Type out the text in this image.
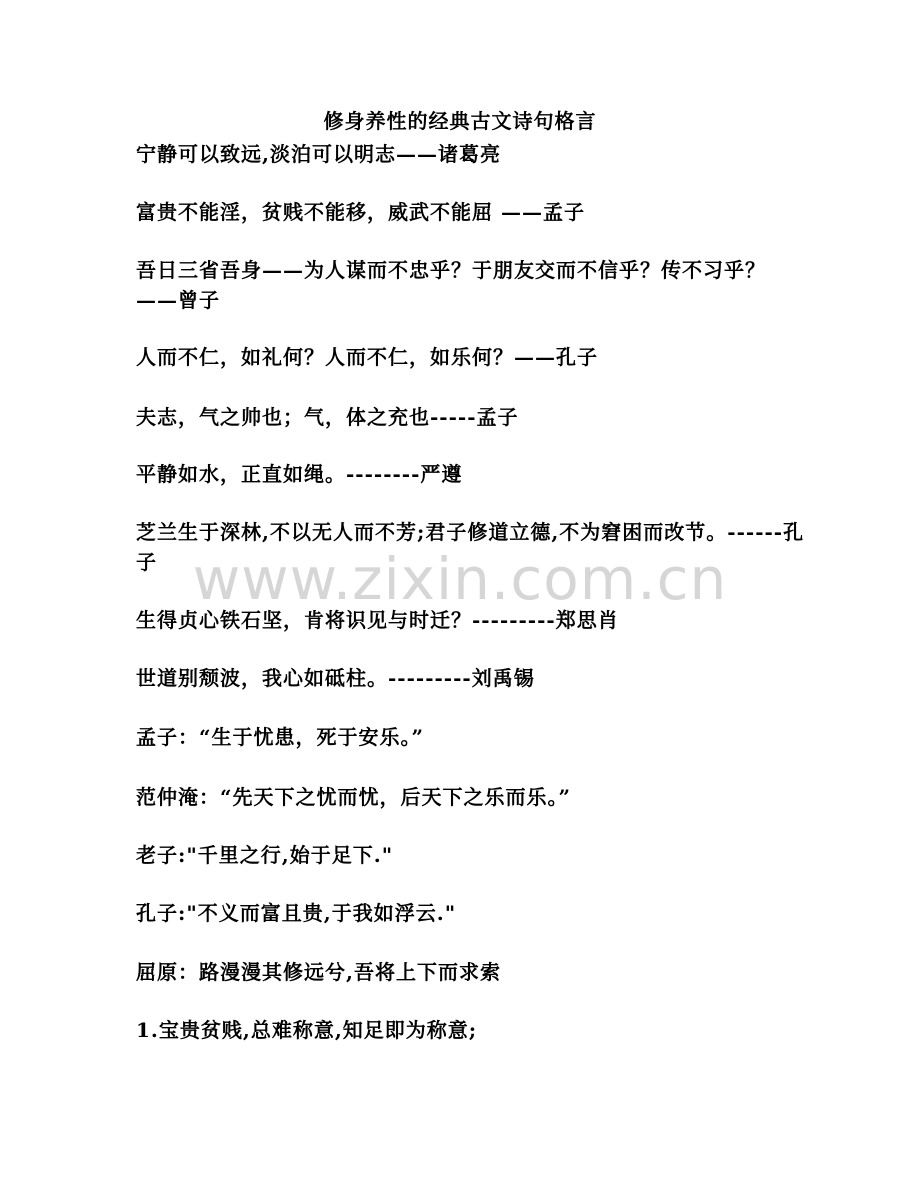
修身养性的经典古文诗句格言
宁静可以致远,淡泊可以明志——诸葛亮
富贵不能淫，贫贱不能移，威武不能屈 ——孟子
吾日三省吾身——为人谋而不忠乎？于朋友交而不信乎？传不习乎？——曾子
人而不仁，如礼何？人而不仁，如乐何？——孔子
夫志，气之帅也；气，体之充也-----孟子
平静如水，正直如绳。--------严遵
芝兰生于深林,不以无人而不芳;君子修道立德,不为窘困而改节。------孔子
生得贞心铁石坚，肯将识见与时迁？---------郑思肖
世道别颓波，我心如砥柱。---------刘禹锡
孟子：“生于忧患，死于安乐。”
范仲淹：“先天下之忧而忧，后天下之乐而乐。”
老子:"千里之行,始于足下."
孔子:"不义而富且贵,于我如浮云."
屈原：路漫漫其修远兮,吾将上下而求索
1.宝贵贫贱,总难称意,知足即为称意;
www.zixin.com.cn
